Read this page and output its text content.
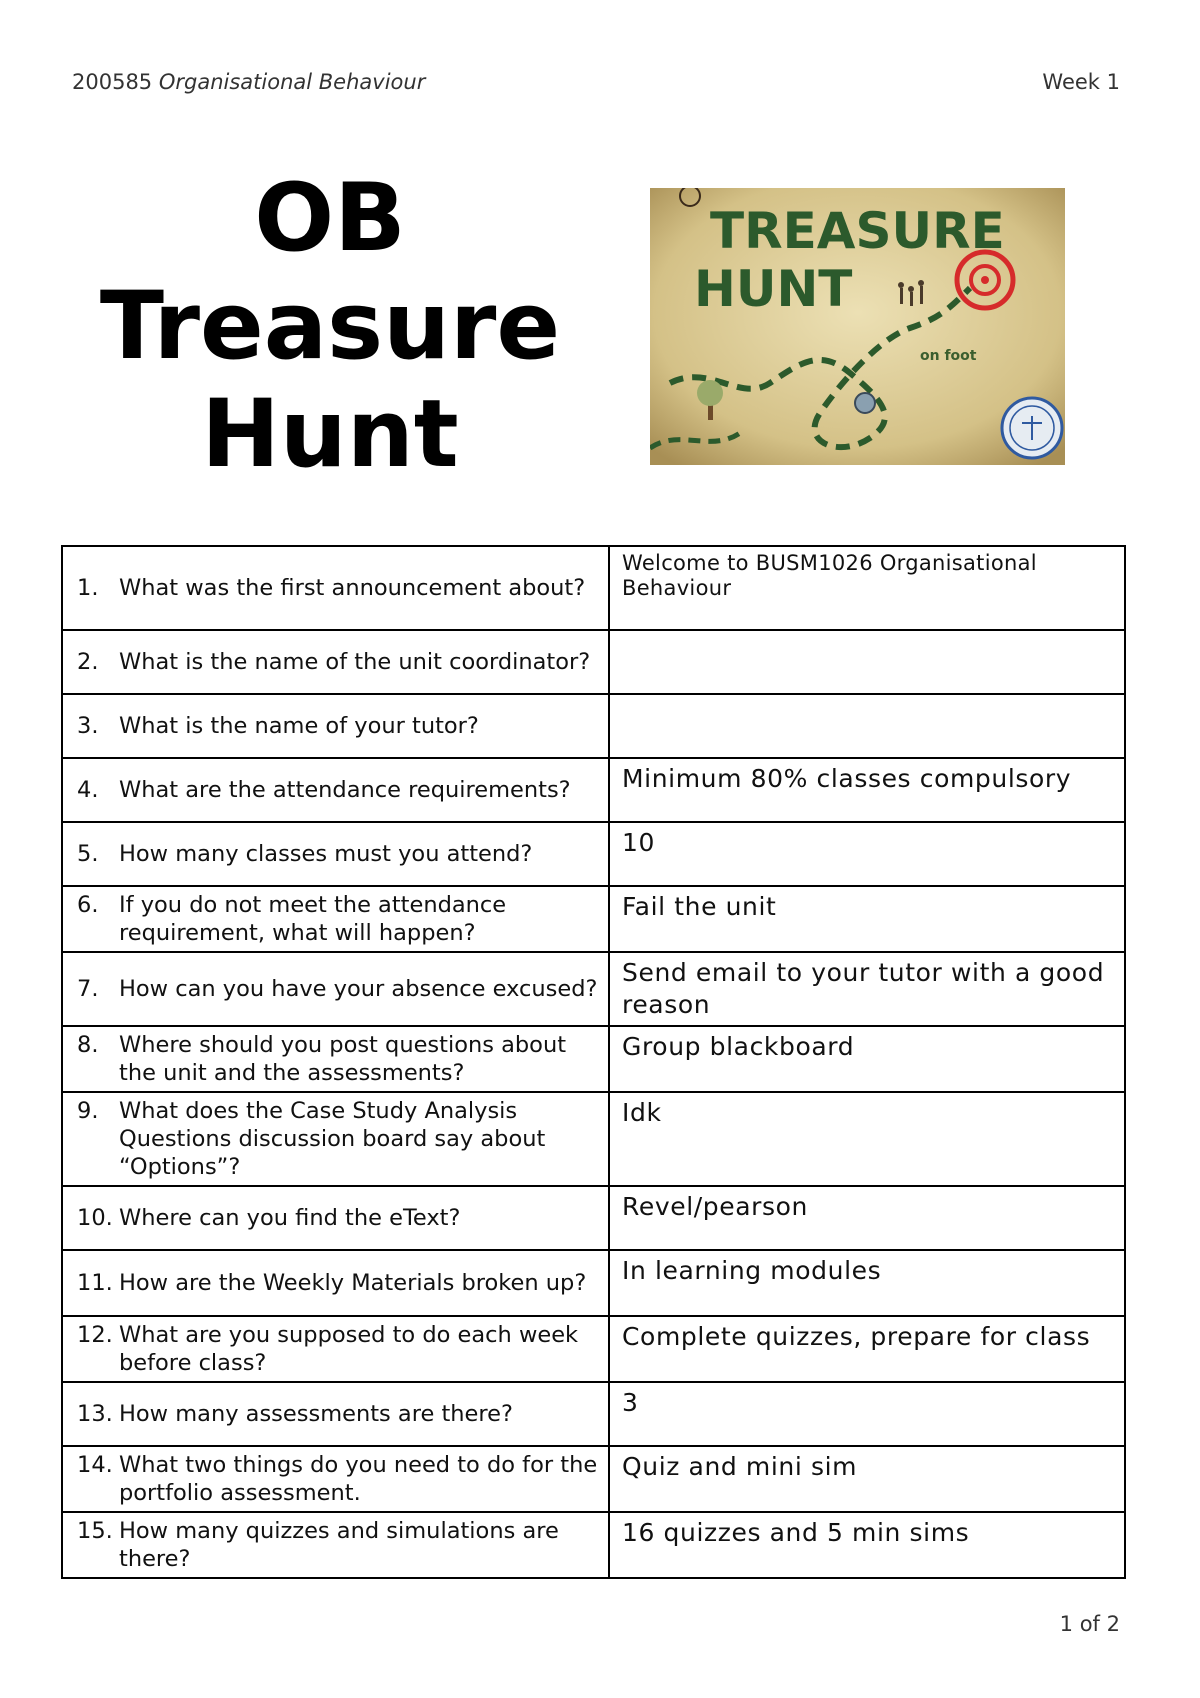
200585 Organisational Behaviour	Week 1
OB
Treasure
Hunt
TREASURE
HUNT
on foot
1. What was the first announcement about?	Welcome to BUSM1026 Organisational Behaviour

2. What is the name of the unit coordinator?	

3. What is the name of your tutor?	

4. What are the attendance requirements?	Minimum 80% classes compulsory

5. How many classes must you attend?	10

6. If you do not meet the attendance requirement, what will happen?	Fail the unit

7. How can you have your absence excused?	Send email to your tutor with a good reason

8. Where should you post questions about the unit and the assessments?	Group blackboard

9. What does the Case Study Analysis Questions discussion board say about “Options”?	Idk

10. Where can you find the eText?	Revel/pearson

11. How are the Weekly Materials broken up?	In learning modules

12. What are you supposed to do each week before class?	Complete quizzes, prepare for class

13. How many assessments are there?	3

14. What two things do you need to do for the portfolio assessment.	Quiz and mini sim

15. How many quizzes and simulations are there?	16 quizzes and 5 min sims
1 of 2
